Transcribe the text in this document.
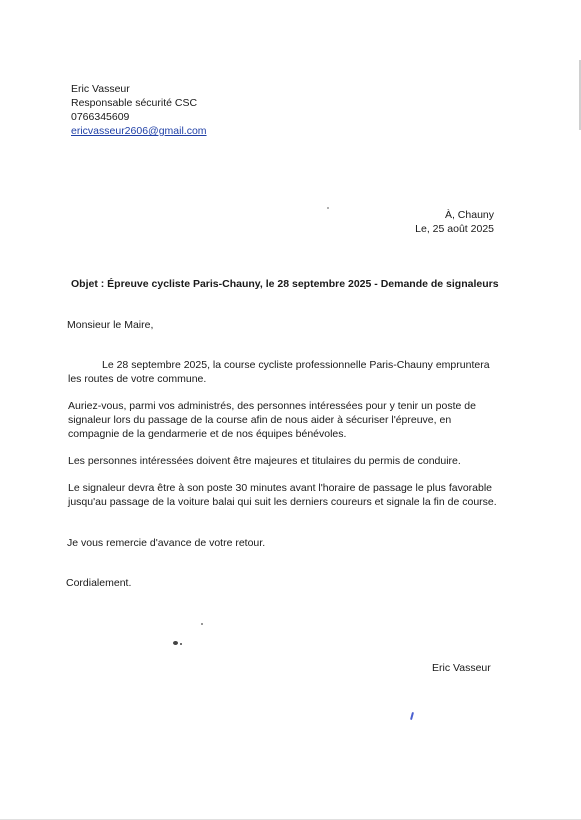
Eric Vasseur
Responsable sécurité CSC
0766345609
ericvasseur2606@gmail.com
À, Chauny
Le, 25 août 2025
Objet : Épreuve cycliste Paris-Chauny, le 28 septembre 2025 - Demande de signaleurs
Monsieur le Maire,
Le 28 septembre 2025, la course cycliste professionnelle Paris-Chauny empruntera
les routes de votre commune.
Auriez-vous, parmi vos administrés, des personnes intéressées pour y tenir un poste de
signaleur lors du passage de la course afin de nous aider à sécuriser l'épreuve, en
compagnie de la gendarmerie et de nos équipes bénévoles.
Les personnes intéressées doivent être majeures et titulaires du permis de conduire.
Le signaleur devra être à son poste 30 minutes avant l'horaire de passage le plus favorable
jusqu'au passage de la voiture balai qui suit les derniers coureurs et signale la fin de course.
Je vous remercie d'avance de votre retour.
Cordialement.
Eric Vasseur
